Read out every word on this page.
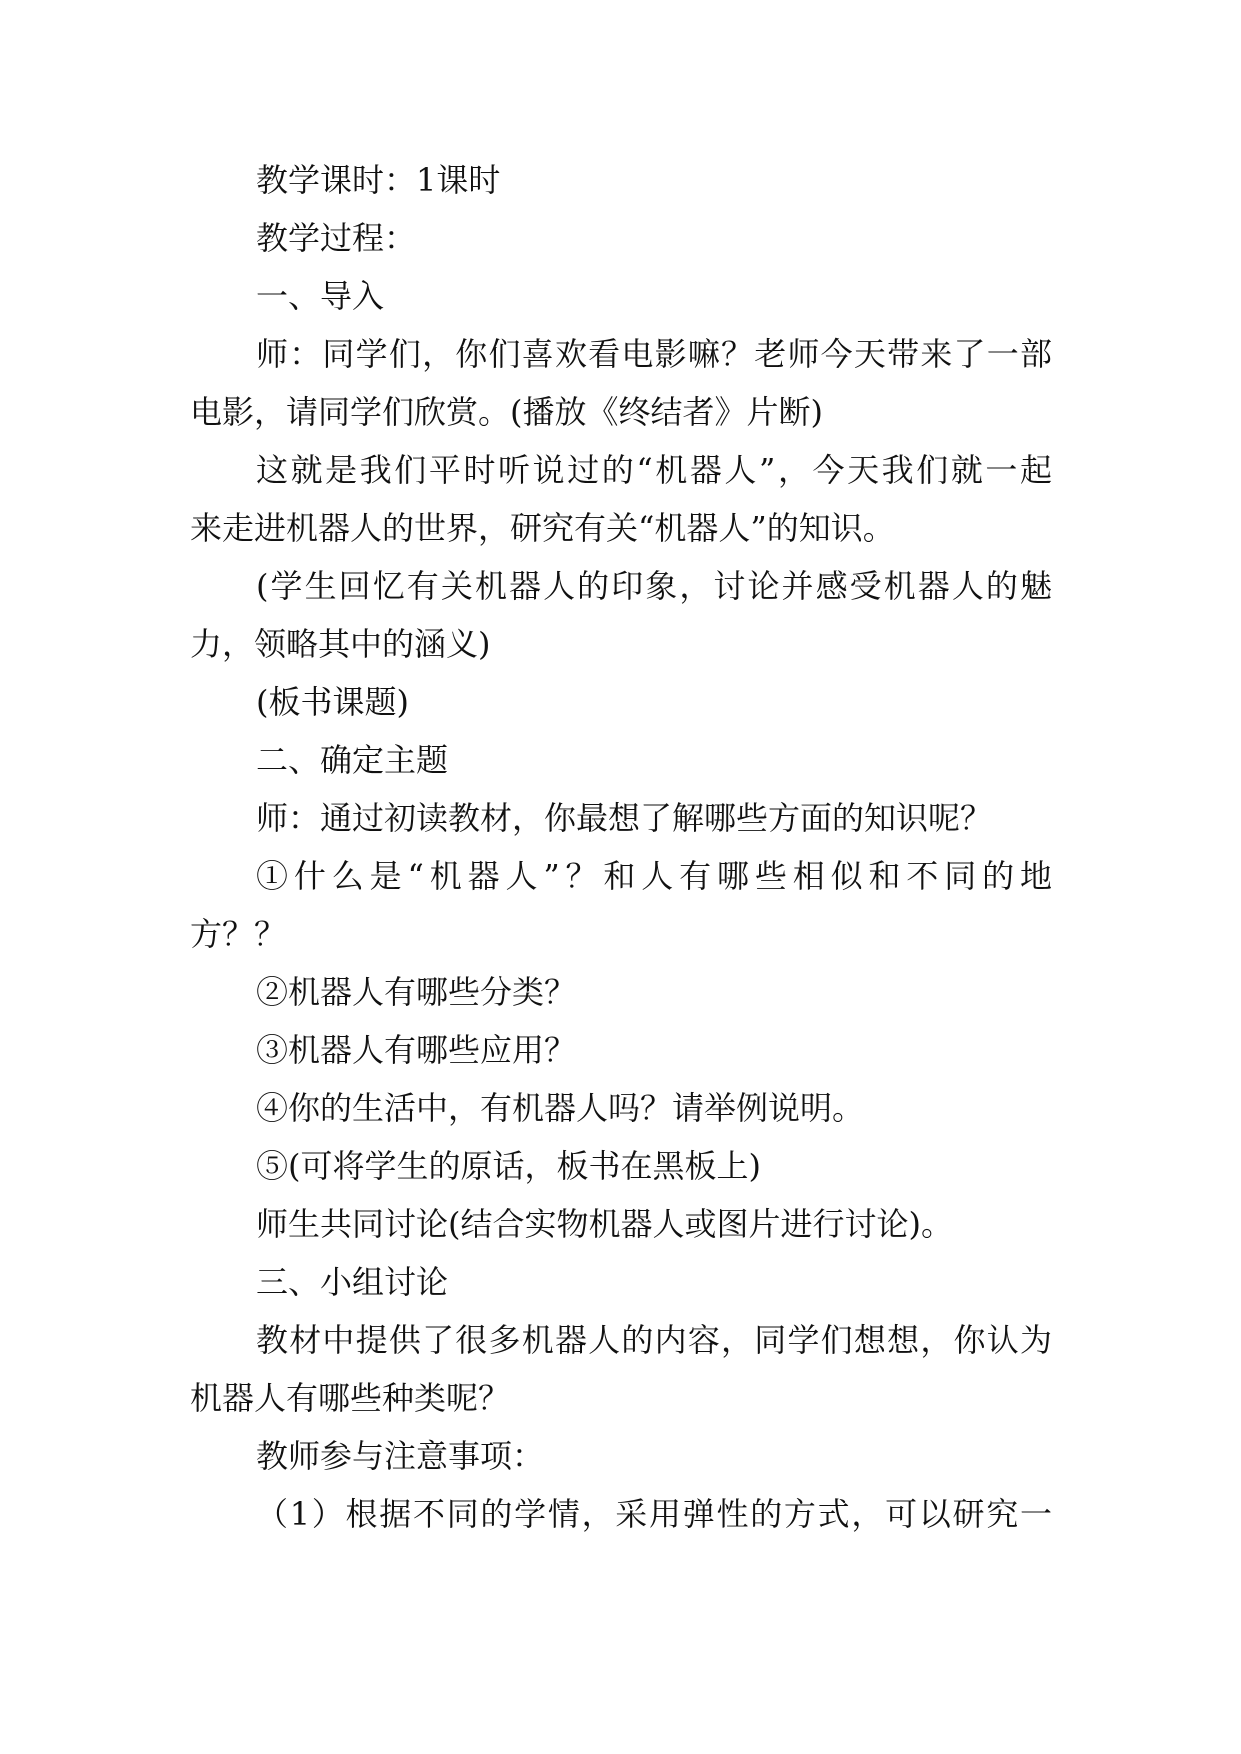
教学课时：1课时
教学过程：
一、导入
师：同学们，你们喜欢看电影嘛？老师今天带来了一部
电影，请同学们欣赏。(播放《终结者》片断)
这就是我们平时听说过的“机器人”，今天我们就一起
来走进机器人的世界，研究有关“机器人”的知识。
(学生回忆有关机器人的印象，讨论并感受机器人的魅
力，领略其中的涵义)
(板书课题)
二、确定主题
师：通过初读教材，你最想了解哪些方面的知识呢？
①什么是“机器人”？和人有哪些相似和不同的地
方？？
②机器人有哪些分类？
③机器人有哪些应用？
④你的生活中，有机器人吗？请举例说明。
⑤(可将学生的原话，板书在黑板上)
师生共同讨论(结合实物机器人或图片进行讨论)。
三、小组讨论
教材中提供了很多机器人的内容，同学们想想，你认为
机器人有哪些种类呢？
教师参与注意事项：
（1）根据不同的学情，采用弹性的方式，可以研究一
